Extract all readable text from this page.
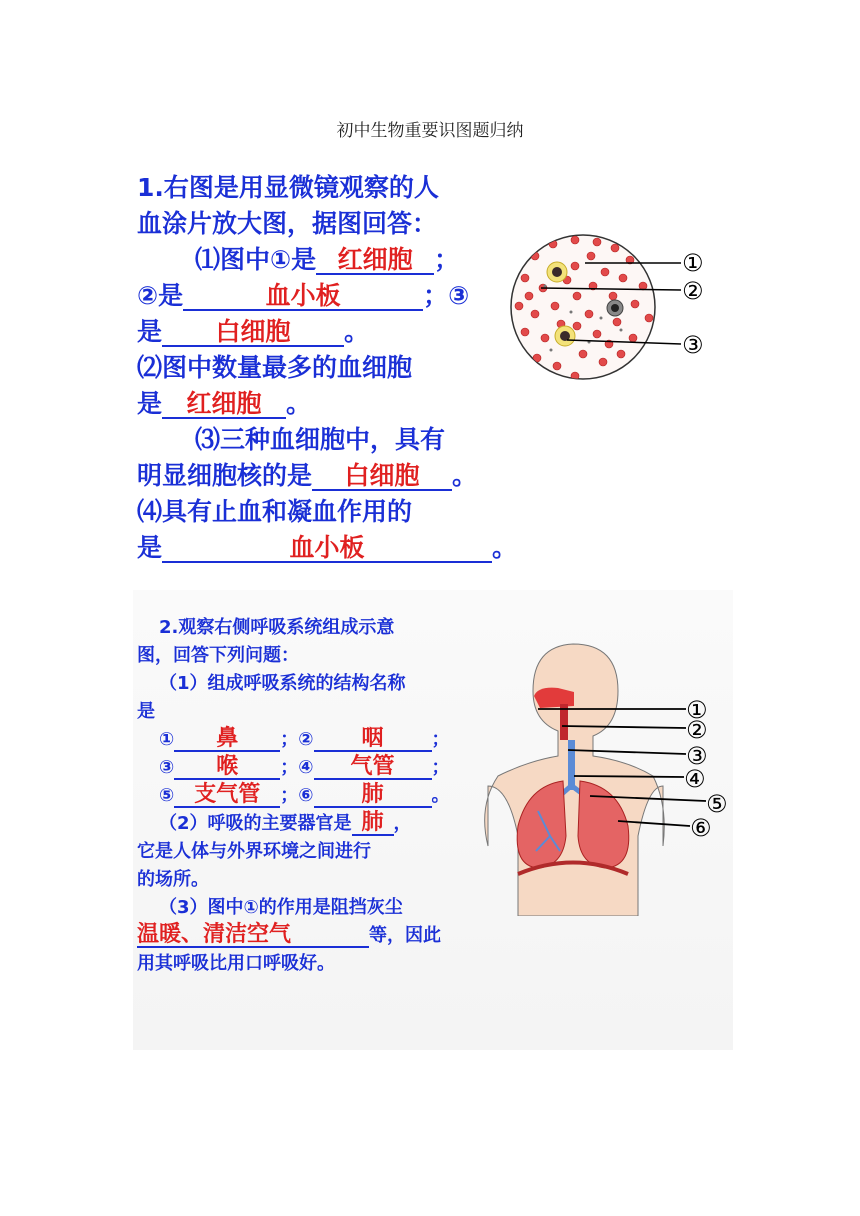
初中生物重要识图题归纳
1.右图是用显微镜观察的人
血涂片放大图，据图回答：
⑴图中①是 红细胞 ；
②是	血小板	；③
是 白细胞 。
⑵图中数量最多的血细胞
是 红细胞 。
⑶三种血细胞中，具有
明显细胞核的是 白细胞 。
⑷具有止血和凝血作用的
是	血小板	。
①
②
③
2.观察右侧呼吸系统组成示意
图，回答下列问题：
（1）组成呼吸系统的结构名称
是
① 鼻 ；② 咽	；
③ 喉 ；④ 气管 ；
⑤ 支气管 ；⑥ 肺	。
（2）呼吸的主要器官是 肺 ，
它是人体与外界环境之间进行
的场所。
（3）图中①的作用是阻挡灰尘
温暖、清洁空气	等，因此
用其呼吸比用口呼吸好。
①
②
③
④
⑤
⑥
